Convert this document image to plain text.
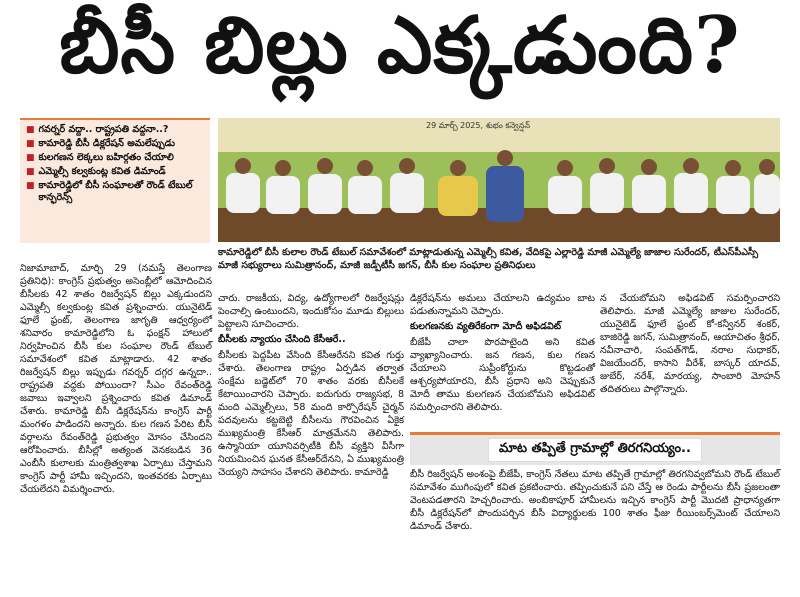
బీసీ బిల్లు ఎక్కడుంది?
■ గవర్నర్ వద్దా.. రాష్ట్రపతి వద్దనా..?
■ కామారెడ్డి బీసీ డిక్లరేషన్ అమలేప్పుడు
■ కులగణన లెక్కలు బహిర్గతం చేయాలి
■ ఎమ్మెల్సీ కల్వకుంట్ల కవిత డిమాండ్
■ కామారెడ్డిలో బీసీ సంఘాలతో రౌండ్ టేబుల్ కాన్ఫరెన్స్
29 మార్చ్ 2025, శుభం కన్వెన్షన్
కామారెడ్డిలో బీసీ కులాల రౌండ్ టేబుల్ సమావేశంలో మాట్లాడుతున్న ఎమ్మెల్సీ కవిత, వేదికపై ఎల్లారెడ్డి మాజీ ఎమ్మెల్యే జాజాల సురేందర్, టీఎస్‌పీఎస్సీ మాజీ సభ్యురాలు సుమిత్రానంద్, మాజీ జడ్పీటీసీ జగన్, బీసీ కుల సంఘాల ప్రతినిధులు
నిజామాబాద్, మార్చి 29 (నమస్తే తెలంగాణ ప్రతినిధి): కాంగ్రెస్ ప్రభుత్వం అసెంబ్లీలో ఆమోదించిన బీసీలకు 42 శాతం రిజర్వేషన్ బిల్లు ఎక్కడుందని ఎమ్మెల్సీ కల్వకుంట్ల కవిత ప్రశ్నించారు. యునైటెడ్ ఫూలే ఫ్రంట్, తెలంగాణ జాగృతి ఆధ్వర్యంలో శనివారం కామారెడ్డిలోని ఓ ఫంక్షన్ హాలులో నిర్వహించిన బీసీ కుల సంఘాల రౌండ్ టేబుల్ సమావేశంలో కవిత మాట్లాడారు. 42 శాతం రిజర్వేషన్ బిల్లు ఇప్పుడు గవర్నర్ దగ్గర ఉన్నదా.. రాష్ట్రపతి వద్దకు పోయిందా? సీఎం రేవంత్‌రెడ్డి జవాబు ఇవ్వాలని ప్రశ్నించారు కవిత డిమాండ్ చేశారు. కామారెడ్డి బీసీ డిక్లరేషన్‌ను కాంగ్రెస్ పార్టీ మంగళం పాడిందని అన్నారు. కుల గణన పేరిట బీసీ వర్గాలను రేవంత్‌రెడ్డి ప్రభుత్వం మోసం చేసిందని ఆరోపించారు. బీసీల్లో అత్యంత వెనకబడిన 36 ఎంబీసీ కులాలకు మంత్రిత్వశాఖ ఏర్పాటు చేస్తామని కాంగ్రెస్ పార్టీ హామీ ఇచ్చిందని, ఇంతవరకు ఏర్పాటు చేయలేదని విమర్శించారు.
చారు. రాజకీయ, విద్య, ఉద్యోగాలలో రిజర్వేషన్లు పెంచాల్సి ఉంటుందని, ఇందుకోసం మూడు బిల్లులు పెట్టాలని సూచించారు.
బీసీలకు న్యాయం చేసింది కేసీఆరే..
బీసీలకు పెద్దపీట వేసింది కేసీఆరేనని కవిత గుర్తు చేశారు. తెలంగాణ రాష్ట్రం ఏర్పడిన తర్వాత సంక్షేమ బడ్జెట్‌లో 70 శాతం వరకు బీసీలకే కేటాయించారని చెప్పారు. ఐదుగురు రాజ్యసభ, 8 మంది ఎమ్మెల్సీలు, 58 మంది కార్పొరేషన్ చైర్మన్ పదవులను కట్టబెట్టి బీసీలను గౌరవించిన ఏకైక ముఖ్యమంత్రి కేసీఆర్ మాత్రమేనని తెలిపారు. ఉస్మానియా యూనివర్సిటీకి బీసీ వ్యక్తిని వీసీగా నియమించిన ఘనత కేసీఆర్‌దేనని, ఏ ముఖ్యమంత్రి చెయ్యని సాహసం చేశారని తెలిపారు. కామారెడ్డి
డిక్లరేషన్‌ను అమలు చేయాలని ఉద్యమం బాట పడుతున్నామని చెప్పారు.
కులగణనకు వ్యతిరేకంగా మోదీ అఫిడవిట్
బీజేపీ చాలా పొరపాటైంది అని కవిత వ్యాఖ్యానించారు. జన గణన, కుల గణన చేయాలని సుప్రీంకోర్టును కొట్టడంతో ఆశ్చర్యపోయారని, బీసీ ప్రధాని అని చెప్పుకునే మోదీ తాము కులగణన చేయబోమని అఫిడవిట్ సమర్పించారని తెలిపారు.
న చేయబోమని అఫిడవిట్ సమర్పించారని తెలిపారు. మాజీ ఎమ్మెల్యే జాజుల సురేందర్, యునైటెడ్ ఫూలే ఫ్రంట్ కో-కన్వీనర్ శంకర్, బాజిరెడ్డి జగన్, సుమిత్రానంద్, ఆయాచితం శ్రీధర్, నవీనాచారి, సంపత్‌గౌడ్, నరాల సుధాకర్, విజయేందర్, కాసాని వీరేశ్, బాస్కర్ యాదవ్, జుబేర్, నరేశ్, మారయ్య, సాంబారి మోహన్ తదితరులు పాల్గొన్నారు.
మాట తప్పితే గ్రామాల్లో తిరగనియ్యం..
బీసీ రిజర్వేషన్ అంశంపై బీజేపీ, కాంగ్రెస్ నేతలు మాట తప్పితే గ్రామాల్లో తిరగనివ్వబోమని రౌండ్ టేబుల్ సమావేశం ముగింపులో కవిత ప్రకటించారు. తప్పించుకునే పని చేస్తే ఆ రెండు పార్టీలను బీసీ ప్రజలంతా వెంటపడతారని హెచ్చరించారు. అంబికాపూర్ హామీలను ఇచ్చిన కాంగ్రెస్ పార్టీ మొదటి ప్రాధాన్యతగా బీసీ డిక్లరేషన్‌లో పొందుపర్చిన బీసీ విద్యార్థులకు 100 శాతం ఫీజు రీయింబర్స్‌మెంట్ చేయాలని డిమాండ్ చేశారు.
